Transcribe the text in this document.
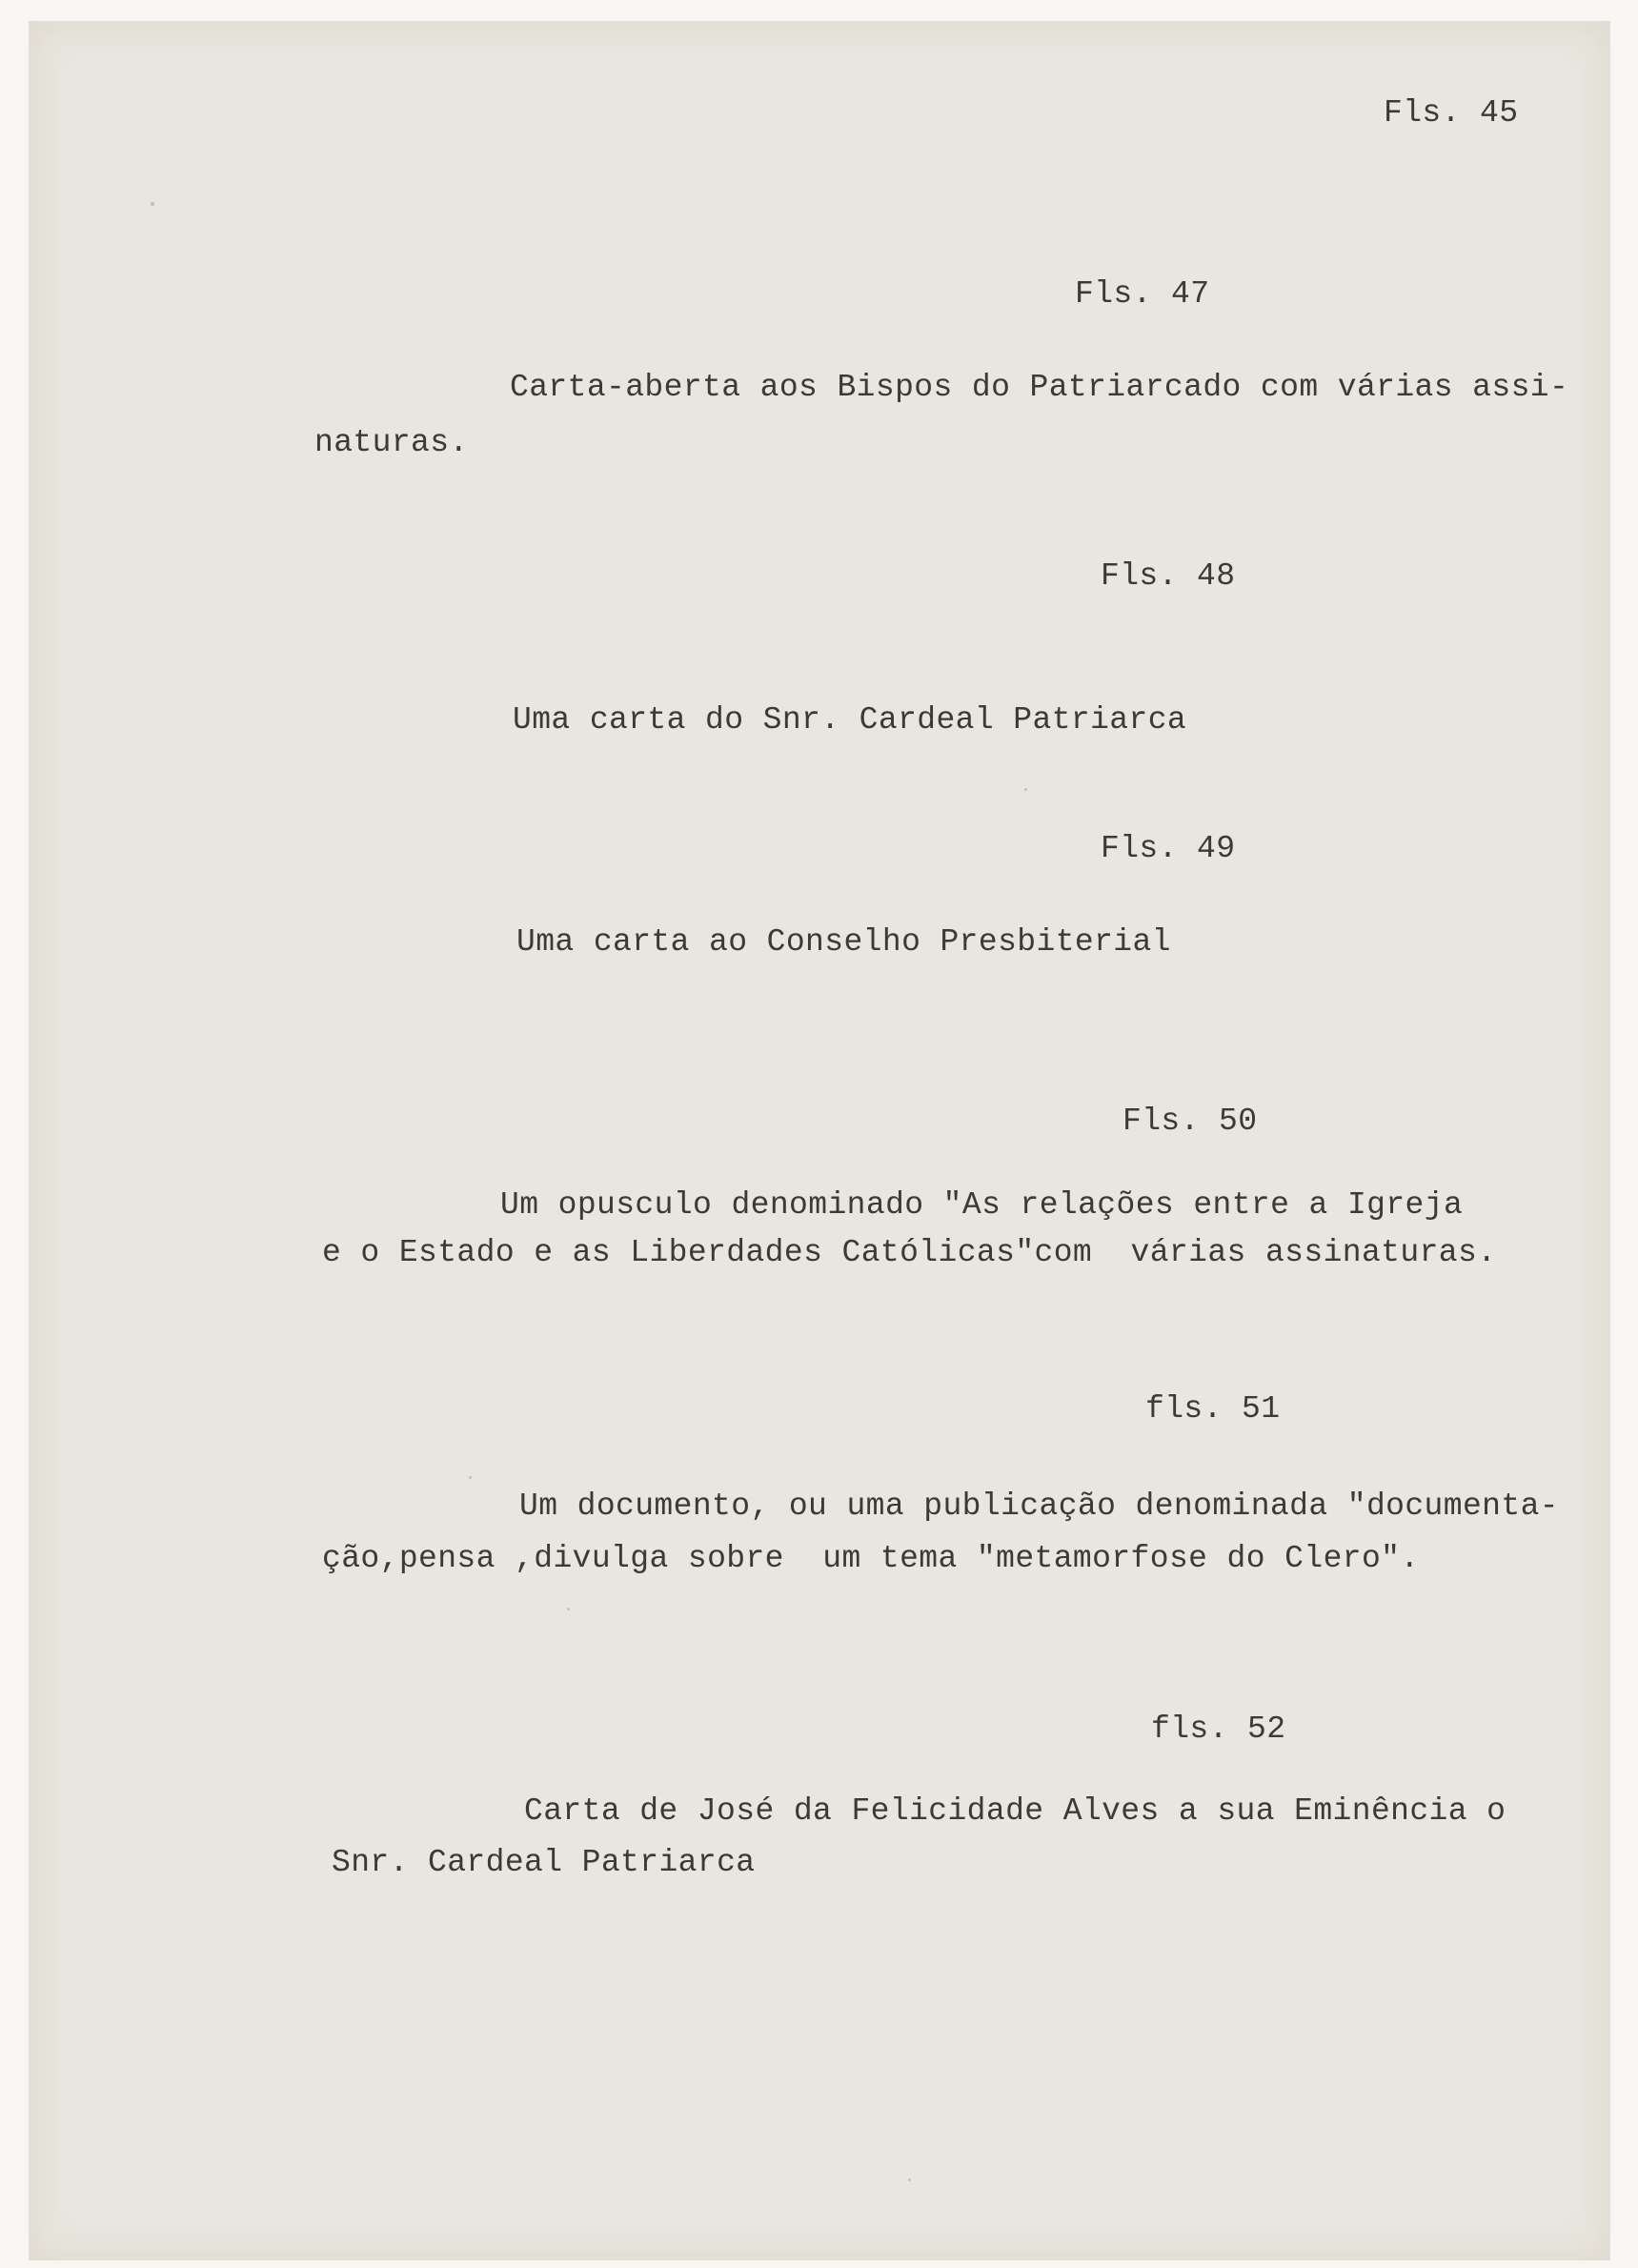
Fls. 45

Fls. 47

Carta-aberta aos Bispos do Patriarcado com várias assi-

naturas.

Fls. 48

Uma carta do Snr. Cardeal Patriarca

Fls. 49

Uma carta ao Conselho Presbiterial

Fls. 50

Um opusculo denominado "As relações entre a Igreja

e o Estado e as Liberdades Católicas"com  várias assinaturas.

fls. 51

Um documento, ou uma publicação denominada "documenta-

ção,pensa ,divulga sobre  um tema "metamorfose do Clero".

fls. 52

Carta de José da Felicidade Alves a sua Eminência o

Snr. Cardeal Patriarca
